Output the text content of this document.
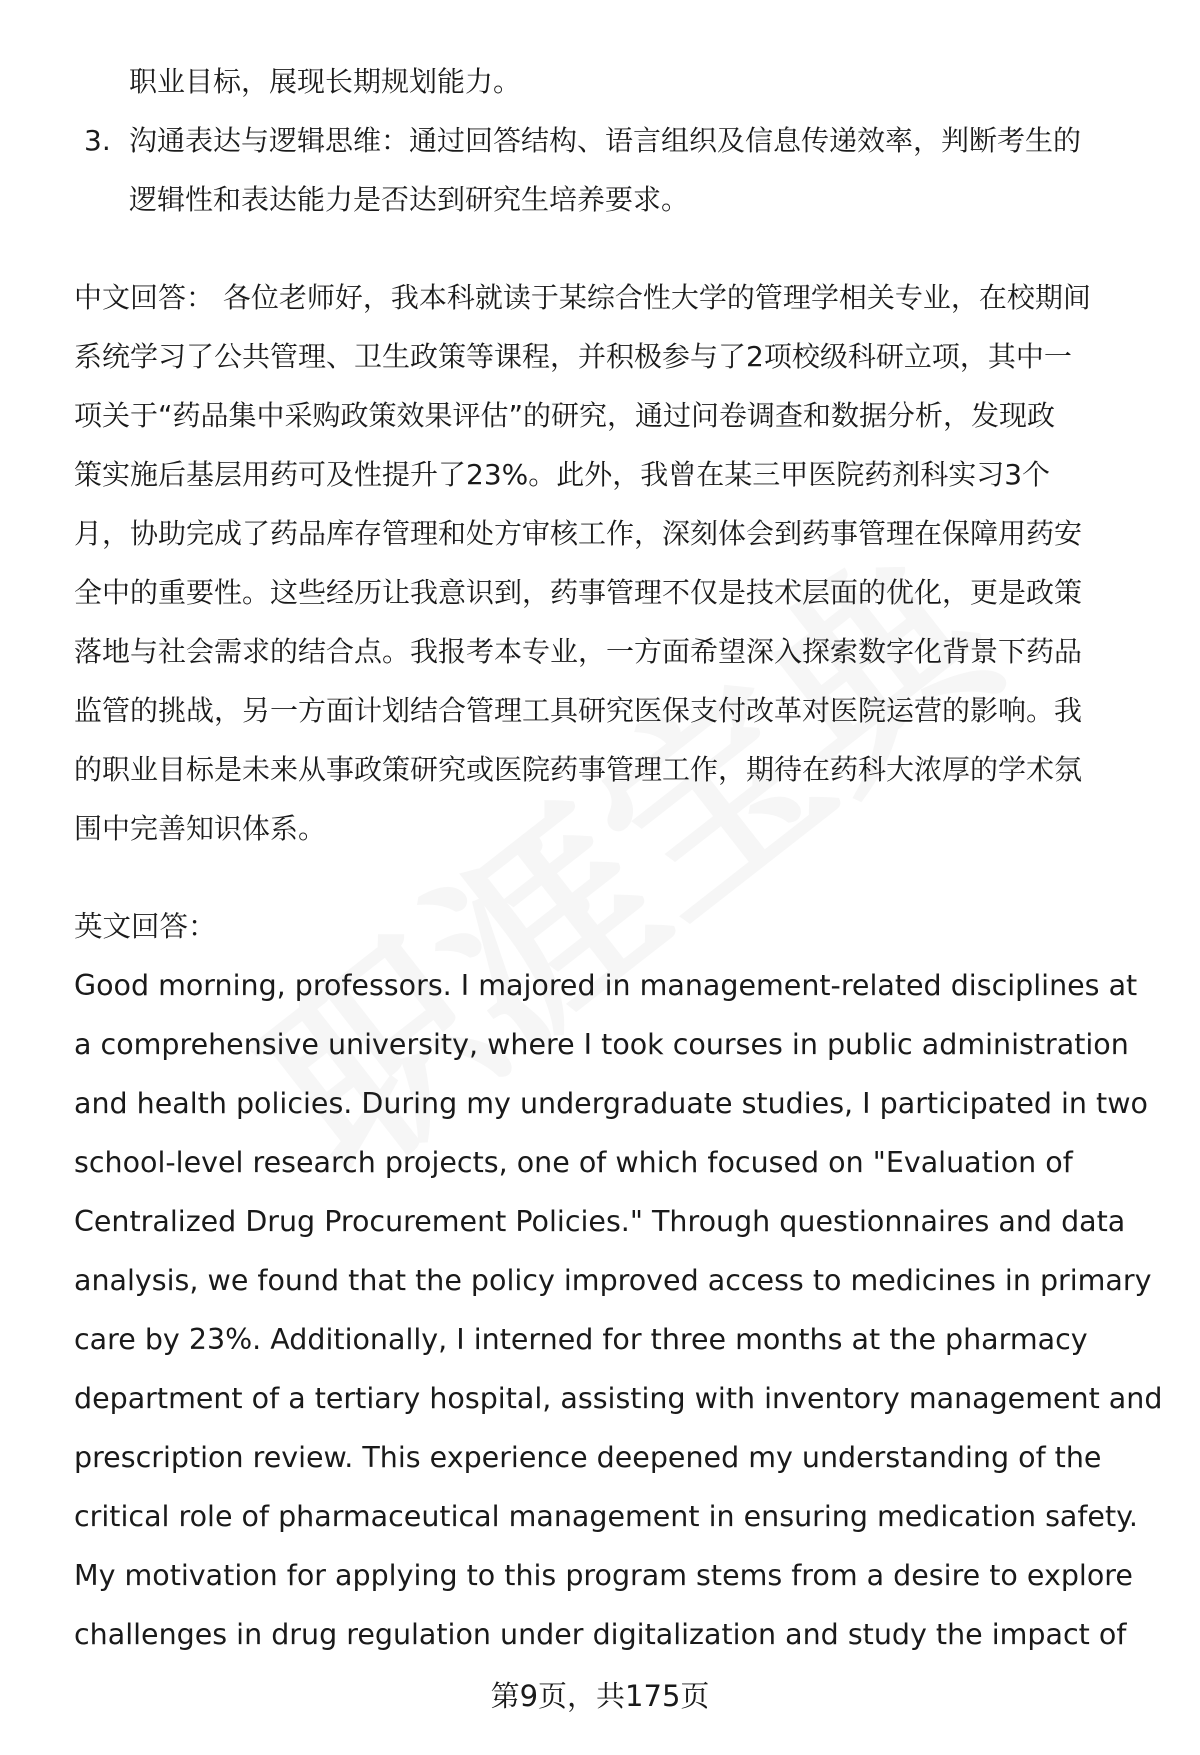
职业目标，展现长期规划能力。

3. 沟通表达与逻辑思维：通过回答结构、语言组织及信息传递效率，判断考生的

逻辑性和表达能力是否达到研究生培养要求。

中文回答： 各位老师好，我本科就读于某综合性大学的管理学相关专业，在校期间

系统学习了公共管理、卫生政策等课程，并积极参与了2项校级科研立项，其中一

项关于“药品集中采购政策效果评估”的研究，通过问卷调查和数据分析，发现政

策实施后基层用药可及性提升了23%。此外，我曾在某三甲医院药剂科实习3个

月，协助完成了药品库存管理和处方审核工作，深刻体会到药事管理在保障用药安

全中的重要性。这些经历让我意识到，药事管理不仅是技术层面的优化，更是政策

落地与社会需求的结合点。我报考本专业，一方面希望深入探索数字化背景下药品

监管的挑战，另一方面计划结合管理工具研究医保支付改革对医院运营的影响。我

的职业目标是未来从事政策研究或医院药事管理工作，期待在药科大浓厚的学术氛

围中完善知识体系。

英文回答：

Good morning, professors. I majored in management-related disciplines at

a comprehensive university, where I took courses in public administration

and health policies. During my undergraduate studies, I participated in two

school-level research projects, one of which focused on "Evaluation of

Centralized Drug Procurement Policies." Through questionnaires and data

analysis, we found that the policy improved access to medicines in primary

care by 23%. Additionally, I interned for three months at the pharmacy

department of a tertiary hospital, assisting with inventory management and

prescription review. This experience deepened my understanding of the

critical role of pharmaceutical management in ensuring medication safety.

My motivation for applying to this program stems from a desire to explore

challenges in drug regulation under digitalization and study the impact of

第9页，共175页
